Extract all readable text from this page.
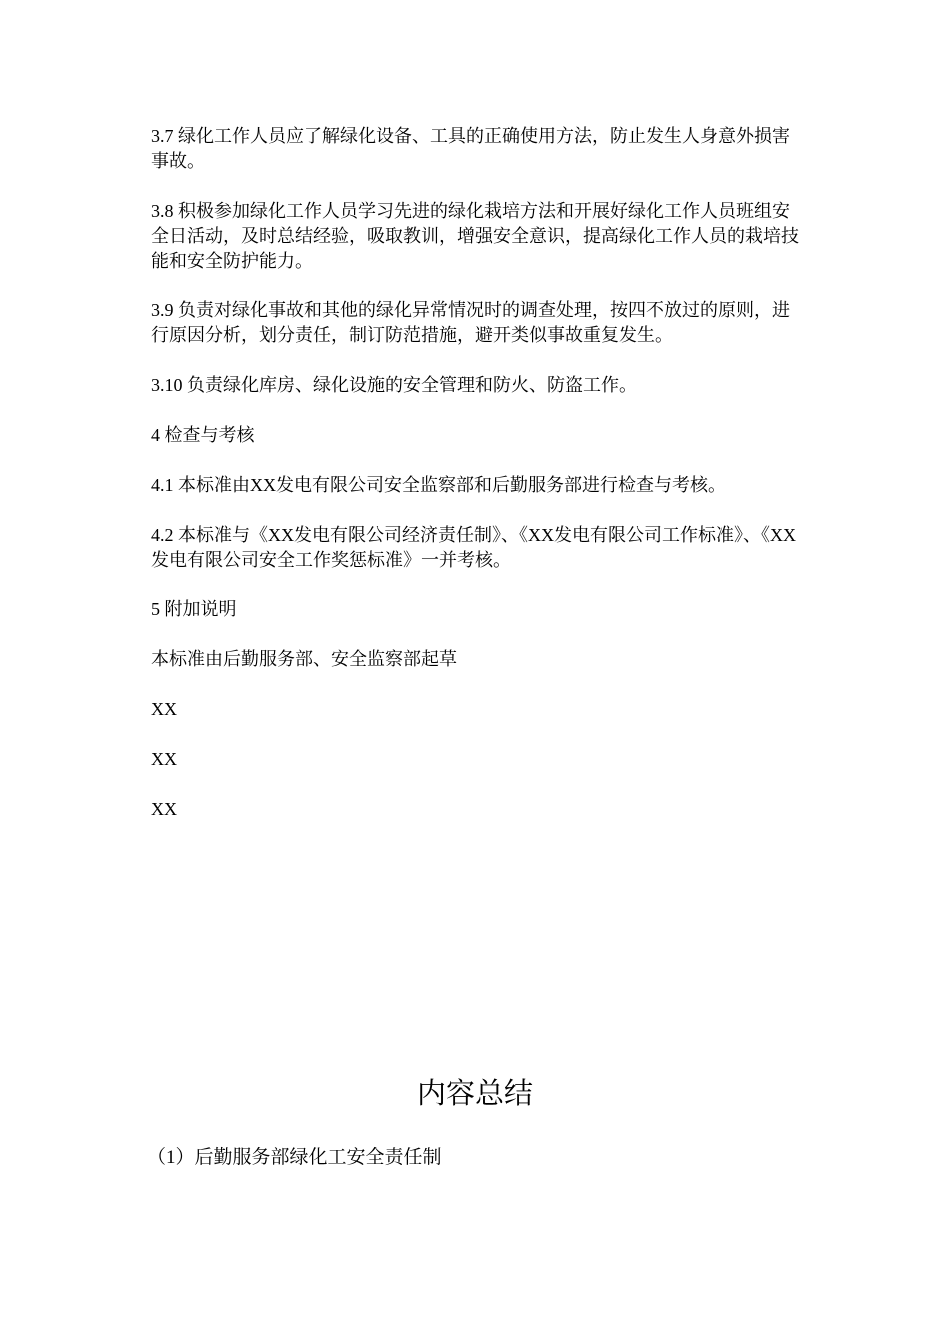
3.7 绿化工作人员应了解绿化设备、工具的正确使用方法，防止发生人身意外损害事故。

3.8 积极参加绿化工作人员学习先进的绿化栽培方法和开展好绿化工作人员班组安全日活动，及时总结经验，吸取教训，增强安全意识，提高绿化工作人员的栽培技能和安全防护能力。

3.9 负责对绿化事故和其他的绿化异常情况时的调查处理，按四不放过的原则，进行原因分析，划分责任，制订防范措施，避开类似事故重复发生。

3.10 负责绿化库房、绿化设施的安全管理和防火、防盗工作。

4 检查与考核

4.1 本标准由XX发电有限公司安全监察部和后勤服务部进行检查与考核。

4.2 本标准与《XX发电有限公司经济责任制》、《XX发电有限公司工作标准》、《XX发电有限公司安全工作奖惩标准》一并考核。

5 附加说明

本标准由后勤服务部、安全监察部起草

XX

XX

XX

内容总结

（1）后勤服务部绿化工安全责任制
